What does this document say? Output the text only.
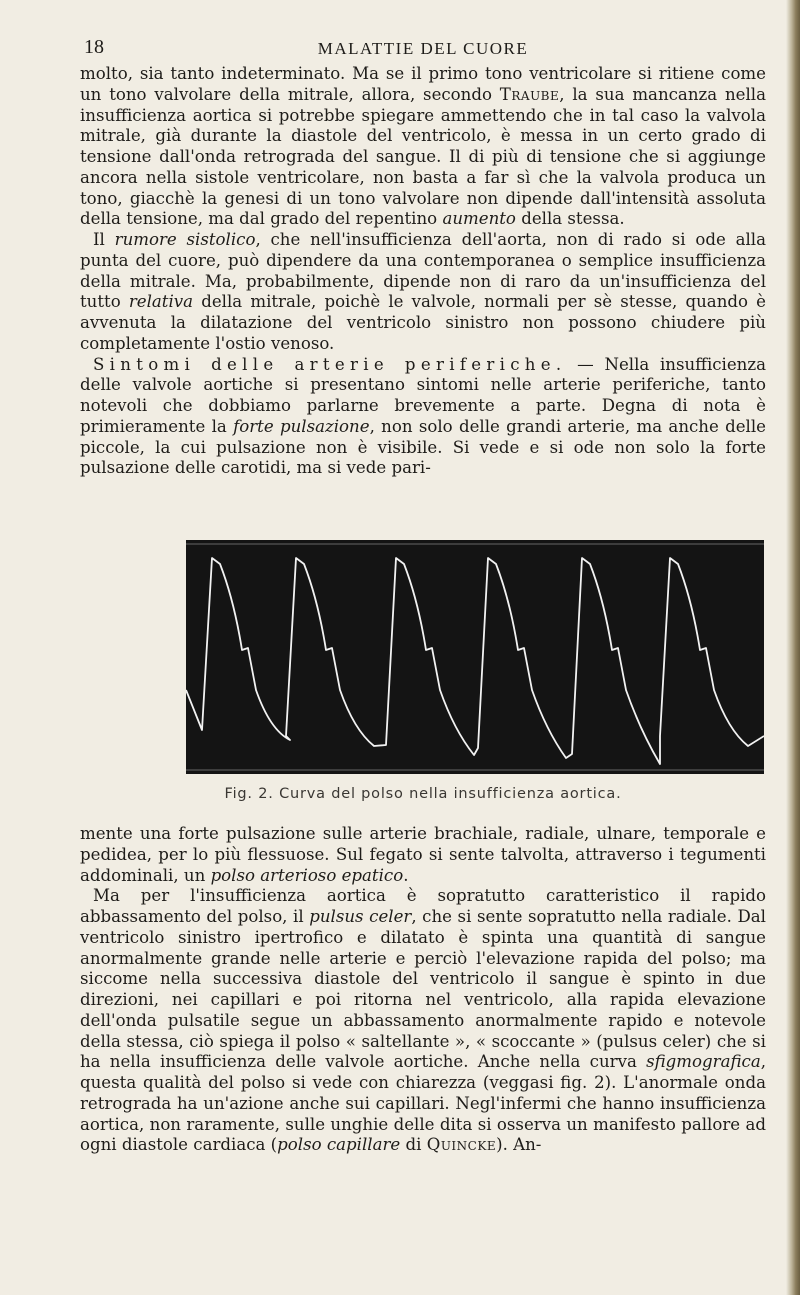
18	MALATTIE DEL CUORE

molto, sia tanto indeterminato. Ma se il primo tono ventricolare si ritiene come un tono valvolare della mitrale, allora, secondo Traube, la sua mancanza nella insufficienza aortica si potrebbe spiegare ammettendo che in tal caso la valvola mitrale, già durante la diastole del ventricolo, è messa in un certo grado di tensione dall'onda retrograda del sangue. Il di più di tensione che si aggiunge ancora nella sistole ventricolare, non basta a far sì che la valvola produca un tono, giacchè la genesi di un tono valvolare non dipende dall'intensità assoluta della tensione, ma dal grado del repentino aumento della stessa.

Il rumore sistolico, che nell'insufficienza dell'aorta, non di rado si ode alla punta del cuore, può dipendere da una contemporanea o semplice insufficienza della mitrale. Ma, probabilmente, dipende non di raro da un'insufficienza del tutto relativa della mitrale, poichè le valvole, normali per sè stesse, quando è avvenuta la dilatazione del ventricolo sinistro non possono chiudere più completamente l'ostio venoso.

Sintomi delle arterie periferiche. — Nella insufficienza delle valvole aortiche si presentano sintomi nelle arterie periferiche, tanto notevoli che dobbiamo parlarne brevemente a parte. Degna di nota è primieramente la forte pulsazione, non solo delle grandi arterie, ma anche delle piccole, la cui pulsazione non è visibile. Si vede e si ode non solo la forte pulsazione delle carotidi, ma si vede pari-

Fig. 2. Curva del polso nella insufficienza aortica.

mente una forte pulsazione sulle arterie brachiale, radiale, ulnare, temporale e pedidea, per lo più flessuose. Sul fegato si sente talvolta, attraverso i tegumenti addominali, un polso arterioso epatico.

Ma per l'insufficienza aortica è sopratutto caratteristico il rapido abbassamento del polso, il pulsus celer, che si sente sopratutto nella radiale. Dal ventricolo sinistro ipertrofico e dilatato è spinta una quantità di sangue anormalmente grande nelle arterie e perciò l'elevazione rapida del polso; ma siccome nella successiva diastole del ventricolo il sangue è spinto in due direzioni, nei capillari e poi ritorna nel ventricolo, alla rapida elevazione dell'onda pulsatile segue un abbassamento anormalmente rapido e notevole della stessa, ciò spiega il polso « saltellante », « scoccante » (pulsus celer) che si ha nella insufficienza delle valvole aortiche. Anche nella curva sfigmografica, questa qualità del polso si vede con chiarezza (veggasi fig. 2). L'anormale onda retrograda ha un'azione anche sui capillari. Negl'infermi che hanno insufficienza aortica, non raramente, sulle unghie delle dita si osserva un manifesto pallore ad ogni diastole cardiaca (polso capillare di Quincke). An-
